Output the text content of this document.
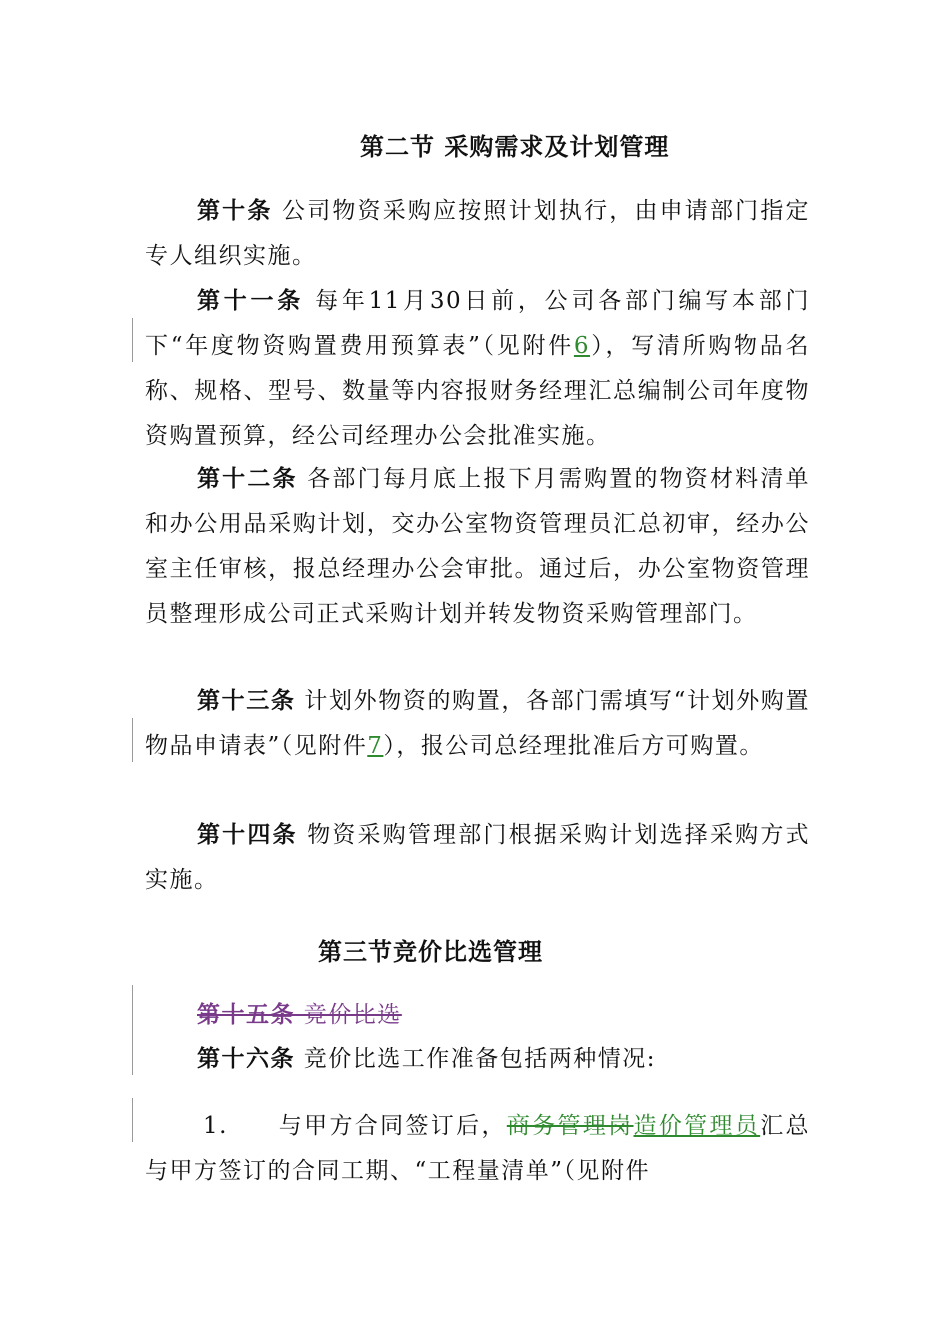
第二节 采购需求及计划管理
第十条 公司物资采购应按照计划执行，由申请部门指定专人组织实施。
第十一条 每年11月30日前，公司各部门编写本部门下“年度物资购置费用预算表”（见附件6），写清所购物品名称、规格、型号、数量等内容报财务经理汇总编制公司年度物资购置预算，经公司经理办公会批准实施。
第十二条 各部门每月底上报下月需购置的物资材料清单和办公用品采购计划，交办公室物资管理员汇总初审，经办公室主任审核，报总经理办公会审批。通过后，办公室物资管理员整理形成公司正式采购计划并转发物资采购管理部门。
第十三条 计划外物资的购置，各部门需填写“计划外购置物品申请表”（见附件7），报公司总经理批准后方可购置。
第十四条 物资采购管理部门根据采购计划选择采购方式实施。
第三节竞价比选管理
第十五条 竞价比选
第十六条 竞价比选工作准备包括两种情况:
1. 与甲方合同签订后，商务管理岗造价管理员汇总与甲方签订的合同工期、“工程量清单”（见附件
